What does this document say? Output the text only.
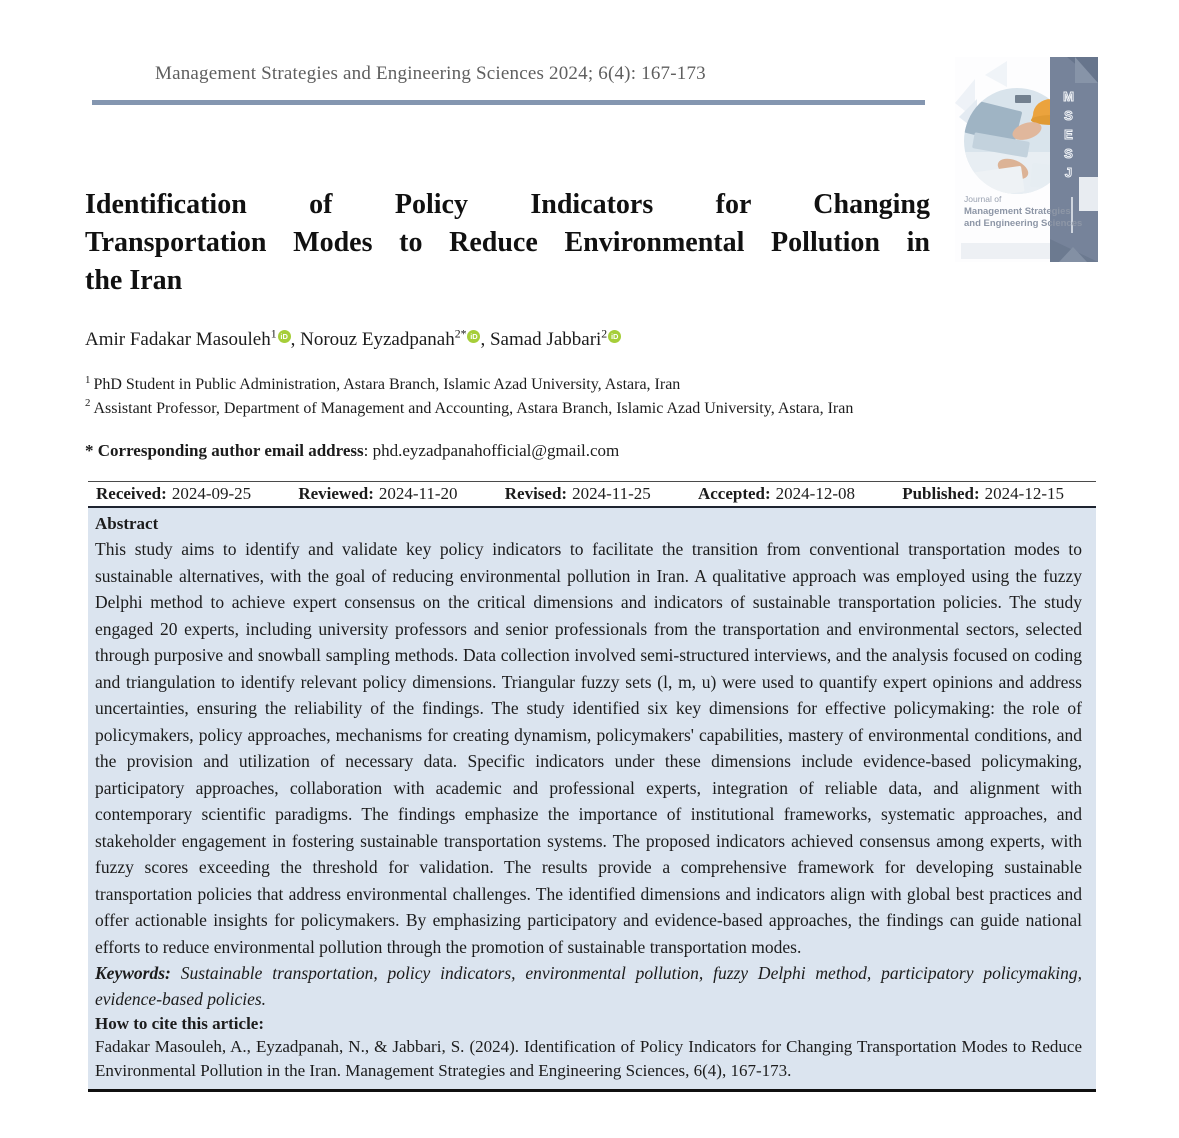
Management Strategies and Engineering Sciences 2024; 6(4): 167-173
MSESJ
Journal of
Management Strategies
and Engineering Sciences
Identification of Policy Indicators for Changing
Transportation Modes to Reduce Environmental Pollution in
the Iran
Amir Fadakar Masouleh$^1$ iD , Norouz Eyzadpanah$^{2*}$ iD , Samad Jabbari$^2$ iD
$^1$ PhD Student in Public Administration, Astara Branch, Islamic Azad University, Astara, Iran
$^2$ Assistant Professor, Department of Management and Accounting, Astara Branch, Islamic Azad University, Astara, Iran
* Corresponding author email address: phd.eyzadpanahofficial@gmail.com
Received: 2024-09-25	Reviewed: 2024-11-20	Revised: 2024-11-25	Accepted: 2024-12-08	Published: 2024-12-15
Abstract
This study aims to identify and validate key policy indicators to facilitate the transition from conventional transportation modes to sustainable alternatives, with the goal of reducing environmental pollution in Iran. A qualitative approach was employed using the fuzzy Delphi method to achieve expert consensus on the critical dimensions and indicators of sustainable transportation policies. The study engaged 20 experts, including university professors and senior professionals from the transportation and environmental sectors, selected through purposive and snowball sampling methods. Data collection involved semi-structured interviews, and the analysis focused on coding and triangulation to identify relevant policy dimensions. Triangular fuzzy sets (l, m, u) were used to quantify expert opinions and address uncertainties, ensuring the reliability of the findings. The study identified six key dimensions for effective policymaking: the role of policymakers, policy approaches, mechanisms for creating dynamism, policymakers' capabilities, mastery of environmental conditions, and the provision and utilization of necessary data. Specific indicators under these dimensions include evidence-based policymaking, participatory approaches, collaboration with academic and professional experts, integration of reliable data, and alignment with contemporary scientific paradigms. The findings emphasize the importance of institutional frameworks, systematic approaches, and stakeholder engagement in fostering sustainable transportation systems. The proposed indicators achieved consensus among experts, with fuzzy scores exceeding the threshold for validation. The results provide a comprehensive framework for developing sustainable transportation policies that address environmental challenges. The identified dimensions and indicators align with global best practices and offer actionable insights for policymakers. By emphasizing participatory and evidence-based approaches, the findings can guide national efforts to reduce environmental pollution through the promotion of sustainable transportation modes.

Keywords: Sustainable transportation, policy indicators, environmental pollution, fuzzy Delphi method, participatory policymaking, evidence-based policies.

How to cite this article:
Fadakar Masouleh, A., Eyzadpanah, N., & Jabbari, S. (2024). Identification of Policy Indicators for Changing Transportation Modes to Reduce Environmental Pollution in the Iran. Management Strategies and Engineering Sciences, 6(4), 167-173.
